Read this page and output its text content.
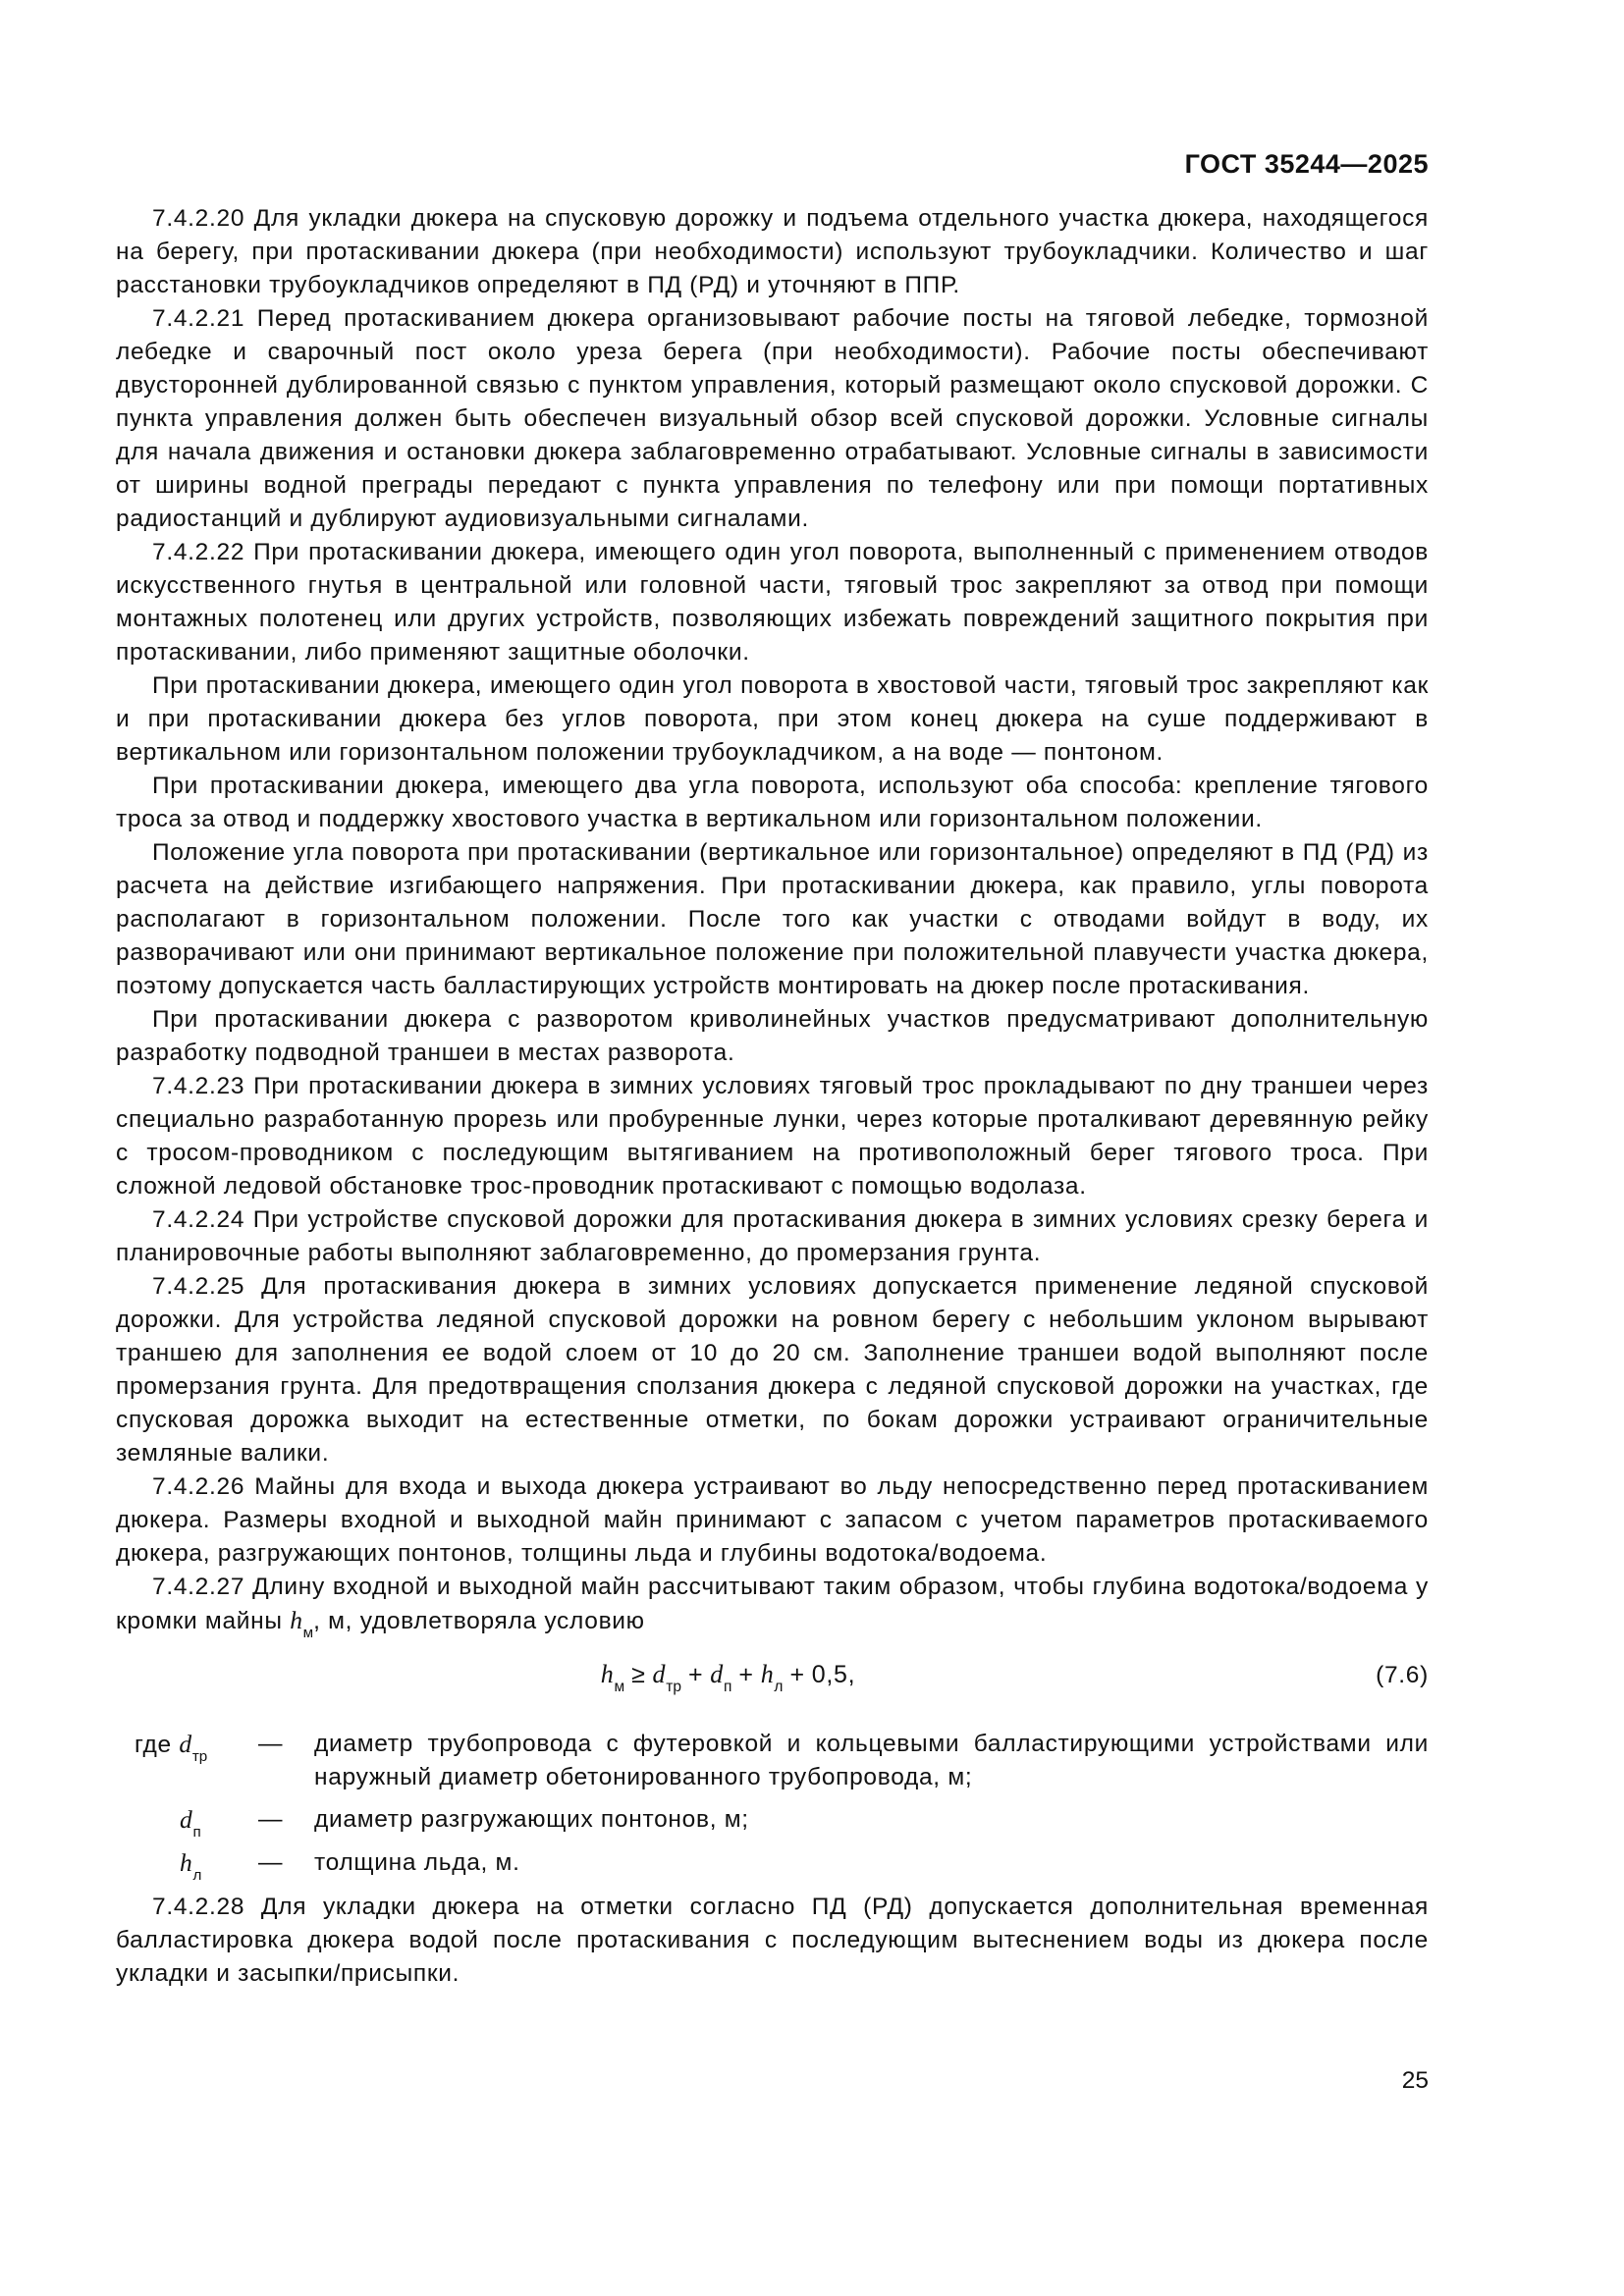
ГОСТ 35244—2025

7.4.2.20 Для укладки дюкера на спусковую дорожку и подъема отдельного участка дюкера, находящегося на берегу, при протаскивании дюкера (при необходимости) используют трубоукладчики. Количество и шаг расстановки трубоукладчиков определяют в ПД (РД) и уточняют в ППР.

7.4.2.21 Перед протаскиванием дюкера организовывают рабочие посты на тяговой лебедке, тормозной лебедке и сварочный пост около уреза берега (при необходимости). Рабочие посты обеспечивают двусторонней дублированной связью с пунктом управления, который размещают около спусковой дорожки. С пункта управления должен быть обеспечен визуальный обзор всей спусковой дорожки. Условные сигналы для начала движения и остановки дюкера заблаговременно отрабатывают. Условные сигналы в зависимости от ширины водной преграды передают с пункта управления по телефону или при помощи портативных радиостанций и дублируют аудиовизуальными сигналами.

7.4.2.22 При протаскивании дюкера, имеющего один угол поворота, выполненный с применением отводов искусственного гнутья в центральной или головной части, тяговый трос закрепляют за отвод при помощи монтажных полотенец или других устройств, позволяющих избежать повреждений защитного покрытия при протаскивании, либо применяют защитные оболочки.

При протаскивании дюкера, имеющего один угол поворота в хвостовой части, тяговый трос закрепляют как и при протаскивании дюкера без углов поворота, при этом конец дюкера на суше поддерживают в вертикальном или горизонтальном положении трубоукладчиком, а на воде — понтоном.

При протаскивании дюкера, имеющего два угла поворота, используют оба способа: крепление тягового троса за отвод и поддержку хвостового участка в вертикальном или горизонтальном положении.

Положение угла поворота при протаскивании (вертикальное или горизонтальное) определяют в ПД (РД) из расчета на действие изгибающего напряжения. При протаскивании дюкера, как правило, углы поворота располагают в горизонтальном положении. После того как участки с отводами войдут в воду, их разворачивают или они принимают вертикальное положение при положительной плавучести участка дюкера, поэтому допускается часть балластирующих устройств монтировать на дюкер после протаскивания.

При протаскивании дюкера с разворотом криволинейных участков предусматривают дополнительную разработку подводной траншеи в местах разворота.

7.4.2.23 При протаскивании дюкера в зимних условиях тяговый трос прокладывают по дну траншеи через специально разработанную прорезь или пробуренные лунки, через которые проталкивают деревянную рейку с тросом-проводником с последующим вытягиванием на противоположный берег тягового троса. При сложной ледовой обстановке трос-проводник протаскивают с помощью водолаза.

7.4.2.24 При устройстве спусковой дорожки для протаскивания дюкера в зимних условиях срезку берега и планировочные работы выполняют заблаговременно, до промерзания грунта.

7.4.2.25 Для протаскивания дюкера в зимних условиях допускается применение ледяной спусковой дорожки. Для устройства ледяной спусковой дорожки на ровном берегу с небольшим уклоном вырывают траншею для заполнения ее водой слоем от 10 до 20 см. Заполнение траншеи водой выполняют после промерзания грунта. Для предотвращения сползания дюкера с ледяной спусковой дорожки на участках, где спусковая дорожка выходит на естественные отметки, по бокам дорожки устраивают ограничительные земляные валики.

7.4.2.26 Майны для входа и выхода дюкера устраивают во льду непосредственно перед протаскиванием дюкера. Размеры входной и выходной майн принимают с запасом с учетом параметров протаскиваемого дюкера, разгружающих понтонов, толщины льда и глубины водотока/водоема.

7.4.2.27 Длину входной и выходной майн рассчитывают таким образом, чтобы глубина водотока/водоема у кромки майны $h_м$, м, удовлетворяла условию

$h_м \ge d_{тр} + d_п + h_л + 0,5$,	(7.6)
где $d_{тр}$	—	диаметр трубопровода с футеровкой и кольцевыми балластирующими устройствами или наружный диаметр обетонированного трубопровода, м;
$d_п$	—	диаметр разгружающих понтонов, м;
$h_л$	—	толщина льда, м.

7.4.2.28 Для укладки дюкера на отметки согласно ПД (РД) допускается дополнительная временная балластировка дюкера водой после протаскивания с последующим вытеснением воды из дюкера после укладки и засыпки/присыпки.

25
